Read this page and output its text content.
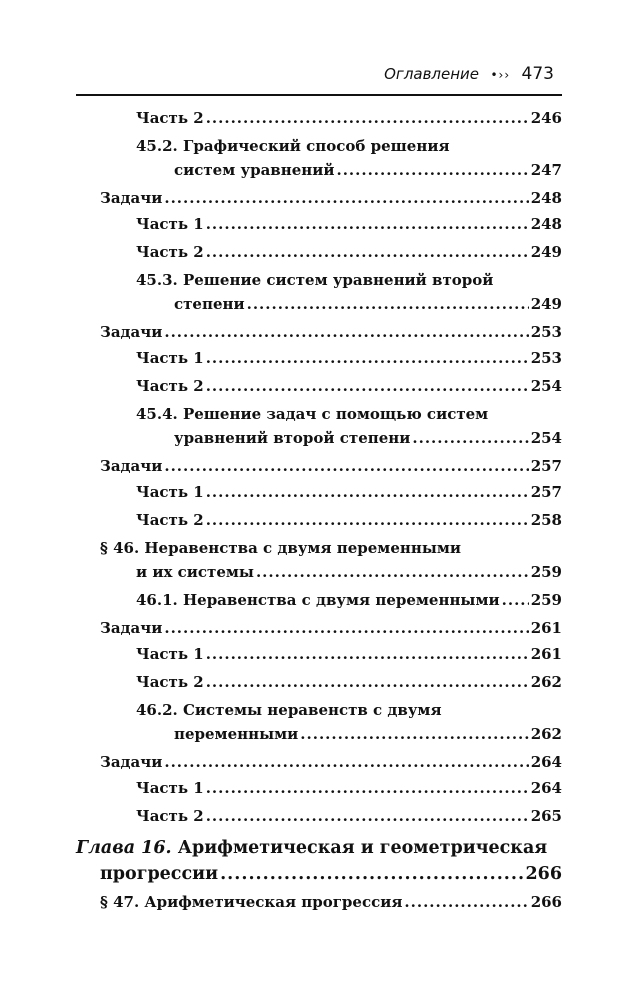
Оглавление •›› 473
Часть 2 .....	246
45.2. Графический способ решения
систем уравнений .....	247
Задачи .....	248
Часть 1 .....	248
Часть 2 .....	249
45.3. Решение систем уравнений второй
степени .....	249
Задачи .....	253
Часть 1 .....	253
Часть 2 .....	254
45.4. Решение задач с помощью систем
уравнений второй степени .....	254
Задачи .....	257
Часть 1 .....	257
Часть 2 .....	258
§ 46. Неравенства с двумя переменными
и их системы .....	259
46.1. Неравенства с двумя переменными ..... 259
Задачи .....	261
Часть 1 .....	261
Часть 2 .....	262
46.2. Системы неравенств с двумя
переменными .....	262
Задачи .....	264
Часть 1 .....	264
Часть 2 .....	265
Глава 16. Арифметическая и геометрическая
прогрессии .....	266
§ 47. Арифметическая прогрессия .....	266
